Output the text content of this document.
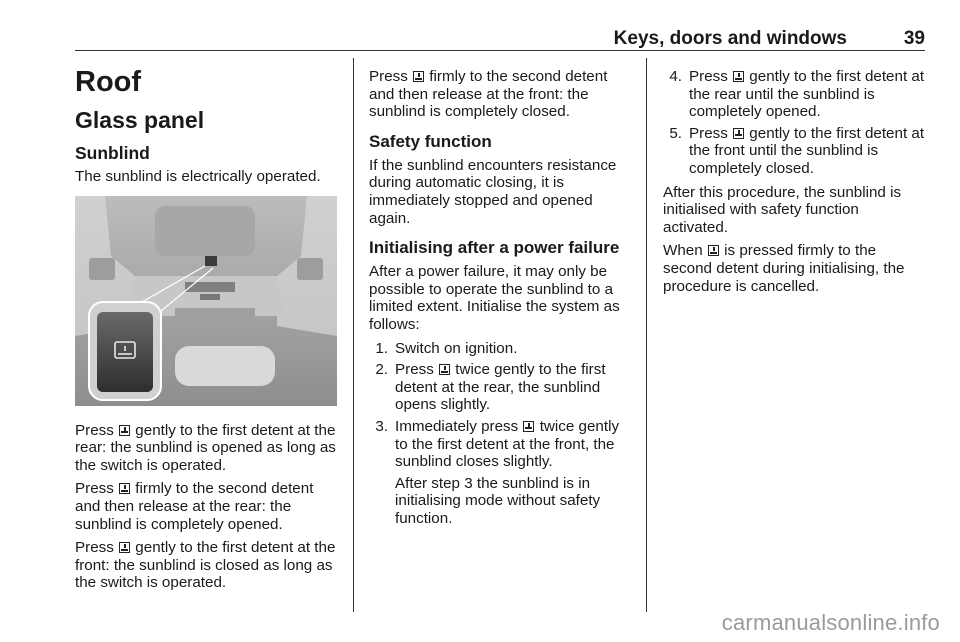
Keys, doors and windows	39
Roof
Glass panel
Sunblind

The sunblind is electrically operated.

Press gently to the first detent at the rear: the sunblind is opened as long as the switch is operated.

Press firmly to the second detent and then release at the rear: the sunblind is completely opened.

Press gently to the first detent at the front: the sunblind is closed as long as the switch is operated.

Press firmly to the second detent and then release at the front: the sunblind is completely closed.

Safety function

If the sunblind encounters resistance during automatic closing, it is immediately stopped and opened again.

Initialising after a power failure

After a power failure, it may only be possible to operate the sunblind to a limited extent. Initialise the system as follows:

1. Switch on ignition.
2. Press twice gently to the first detent at the rear, the sunblind opens slightly.
3. Immediately press twice gently to the first detent at the front, the sunblind closes slightly.

After step 3 the sunblind is in initialising mode without safety function.

4. Press gently to the first detent at the rear until the sunblind is completely opened.
5. Press gently to the first detent at the front until the sunblind is completely closed.

After this procedure, the sunblind is initialised with safety function activated.

When is pressed firmly to the second detent during initialising, the procedure is cancelled.

carmanualsonline.info
